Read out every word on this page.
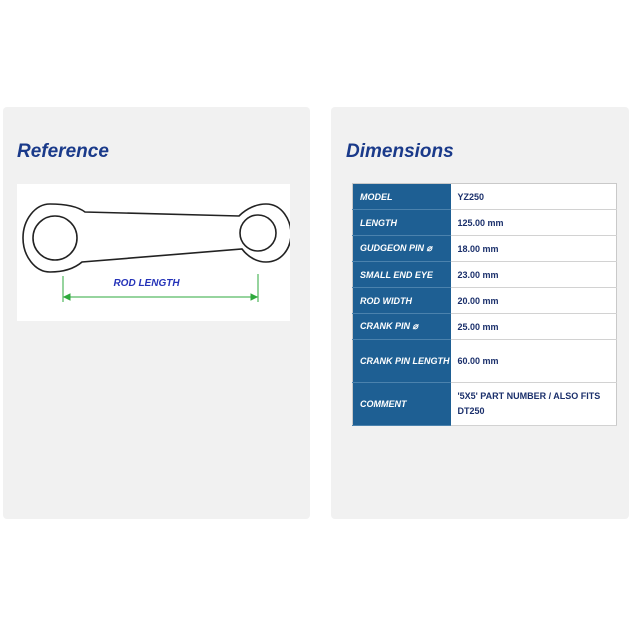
Reference	Dimensions
ROD LENGTH
MODEL	YZ250
LENGTH	125.00 mm
GUDGEON PIN ⌀	18.00 mm
SMALL END EYE	23.00 mm
ROD WIDTH	20.00 mm
CRANK PIN ⌀	25.00 mm
CRANK PIN LENGTH	60.00 mm
COMMENT	'5X5' PART NUMBER / ALSO FITS DT250
